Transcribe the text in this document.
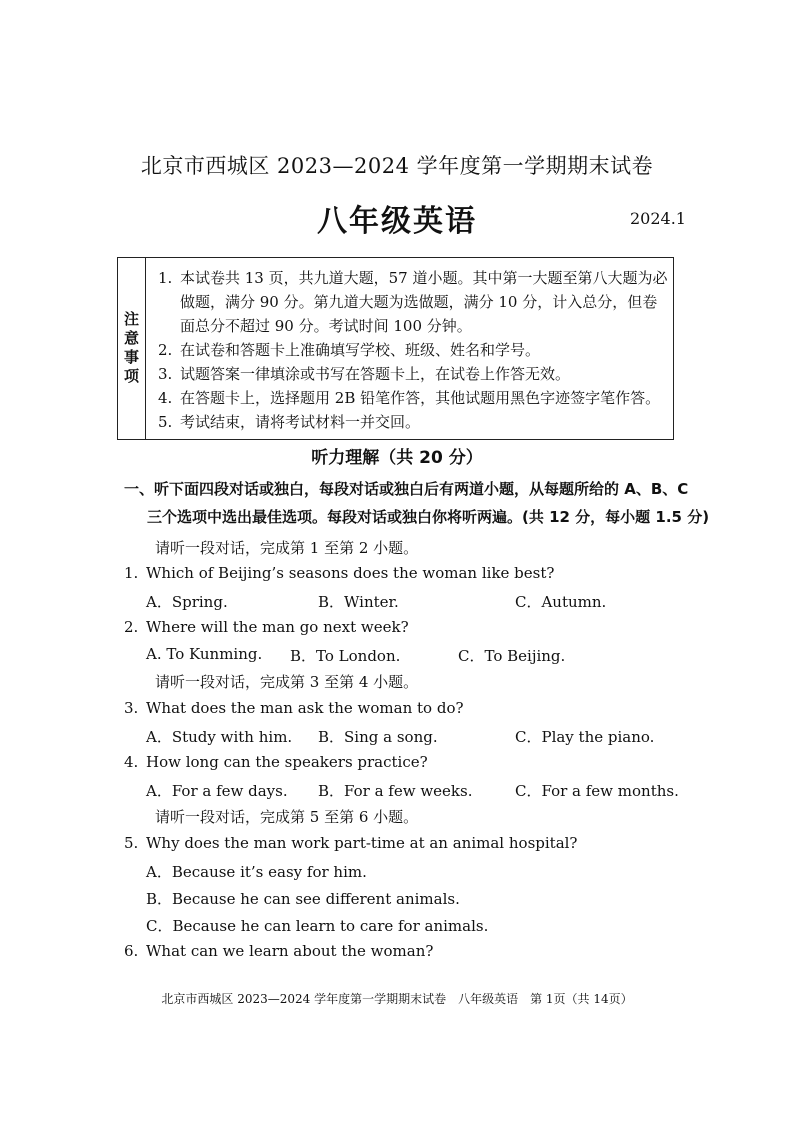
北京市西城区 2023—2024 学年度第一学期期末试卷
八年级英语	2024.1
注意事项
1. 本试卷共 13 页，共九道大题，57 道小题。其中第一大题至第八大题为必做题，满分 90 分。第九道大题为选做题，满分 10 分，计入总分，但卷面总分不超过 90 分。考试时间 100 分钟。
2. 在试卷和答题卡上准确填写学校、班级、姓名和学号。
3. 试题答案一律填涂或书写在答题卡上，在试卷上作答无效。
4. 在答题卡上，选择题用 2B 铅笔作答，其他试题用黑色字迹签字笔作答。
5. 考试结束，请将考试材料一并交回。
听力理解（共 20 分）
一、听下面四段对话或独白，每段对话或独白后有两道小题，从每题所给的 A、B、C
三个选项中选出最佳选项。每段对话或独白你将听两遍。(共 12 分，每小题 1.5 分)
请听一段对话，完成第 1 至第 2 小题。
1. Which of Beijing’s seasons does the woman like best?
A．Spring.	B．Winter.	C．Autumn.
2. Where will the man go next week?
A. To Kunming. B．To London.	C．To Beijing.
请听一段对话，完成第 3 至第 4 小题。
3. What does the man ask the woman to do?
A．Study with him. B．Sing a song.	C．Play the piano.
4. How long can the speakers practice?
A．For a few days. B．For a few weeks.	C．For a few months.
请听一段对话，完成第 5 至第 6 小题。
5. Why does the man work part-time at an animal hospital?
A．Because it’s easy for him.
B．Because he can see different animals.
C．Because he can learn to care for animals.
6. What can we learn about the woman?
北京市西城区 2023—2024 学年度第一学期期末试卷　八年级英语　第 1页（共 14页）
